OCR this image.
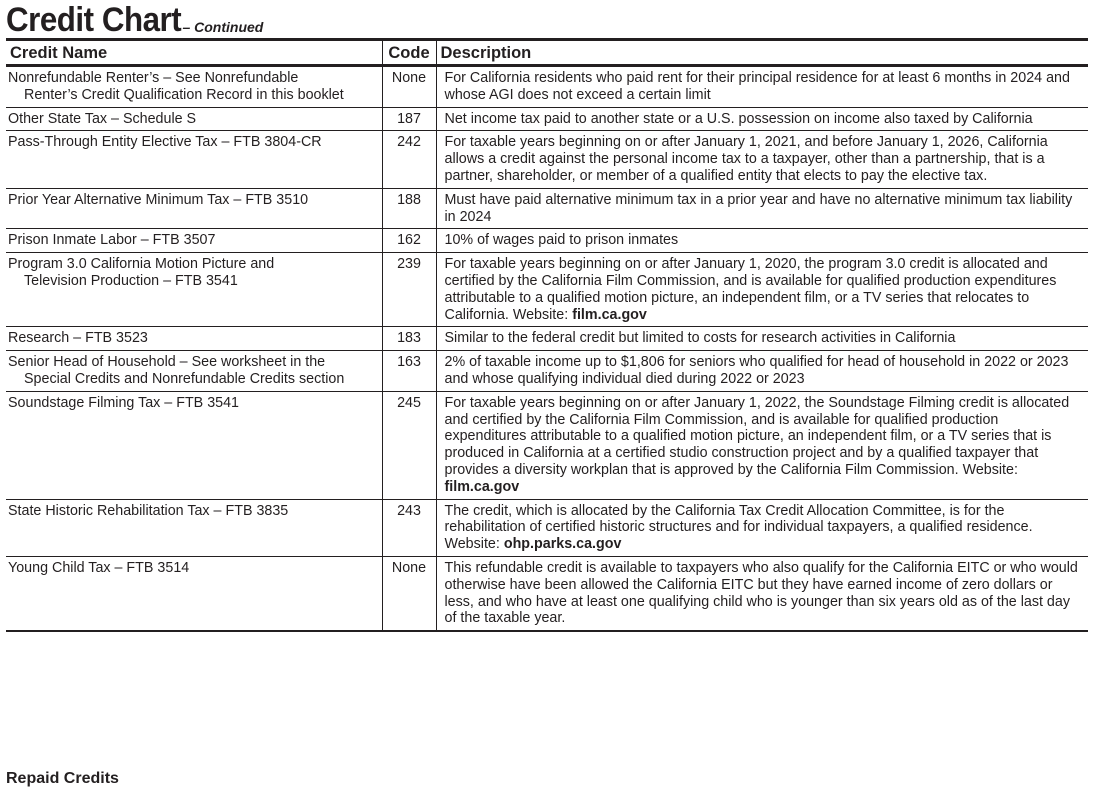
Credit Chart – Continued
Credit Name	Code	Description

Nonrefundable Renter’s – See Nonrefundable
Renter’s Credit Qualification Record in this booklet	None	For California residents who paid rent for their principal residence for at least 6 months in 2024 and whose AGI does not exceed a certain limit

Other State Tax – Schedule S	187	Net income tax paid to another state or a U.S. possession on income also taxed by California

Pass-Through Entity Elective Tax – FTB 3804-CR	242	For taxable years beginning on or after January 1, 2021, and before January 1, 2026, California allows a credit against the personal income tax to a taxpayer, other than a partnership, that is a partner, shareholder, or member of a qualified entity that elects to pay the elective tax.

Prior Year Alternative Minimum Tax – FTB 3510	188	Must have paid alternative minimum tax in a prior year and have no alternative minimum tax liability in 2024

Prison Inmate Labor – FTB 3507	162	10% of wages paid to prison inmates

Program 3.0 California Motion Picture and
Television Production – FTB 3541	239	For taxable years beginning on or after January 1, 2020, the program 3.0 credit is allocated and certified by the California Film Commission, and is available for qualified production expenditures attributable to a qualified motion picture, an independent film, or a TV series that relocates to California. Website: film.ca.gov

Research – FTB 3523	183	Similar to the federal credit but limited to costs for research activities in California

Senior Head of Household – See worksheet in the
Special Credits and Nonrefundable Credits section	163	2% of taxable income up to $1,806 for seniors who qualified for head of household in 2022 or 2023 and whose qualifying individual died during 2022 or 2023

Soundstage Filming Tax – FTB 3541	245	For taxable years beginning on or after January 1, 2022, the Soundstage Filming credit is allocated and certified by the California Film Commission, and is available for qualified production expenditures attributable to a qualified motion picture, an independent film, or a TV series that is produced in California at a certified studio construction project and by a qualified taxpayer that provides a diversity workplan that is approved by the California Film Commission. Website: film.ca.gov

State Historic Rehabilitation Tax – FTB 3835	243	The credit, which is allocated by the California Tax Credit Allocation Committee, is for the rehabilitation of certified historic structures and for individual taxpayers, a qualified residence. Website: ohp.parks.ca.gov

Young Child Tax – FTB 3514	None	This refundable credit is available to taxpayers who also qualify for the California EITC or who would otherwise have been allowed the California EITC but they have earned income of zero dollars or less, and who have at least one qualifying child who is younger than six years old as of the last day of the taxable year.
Repaid Credits
